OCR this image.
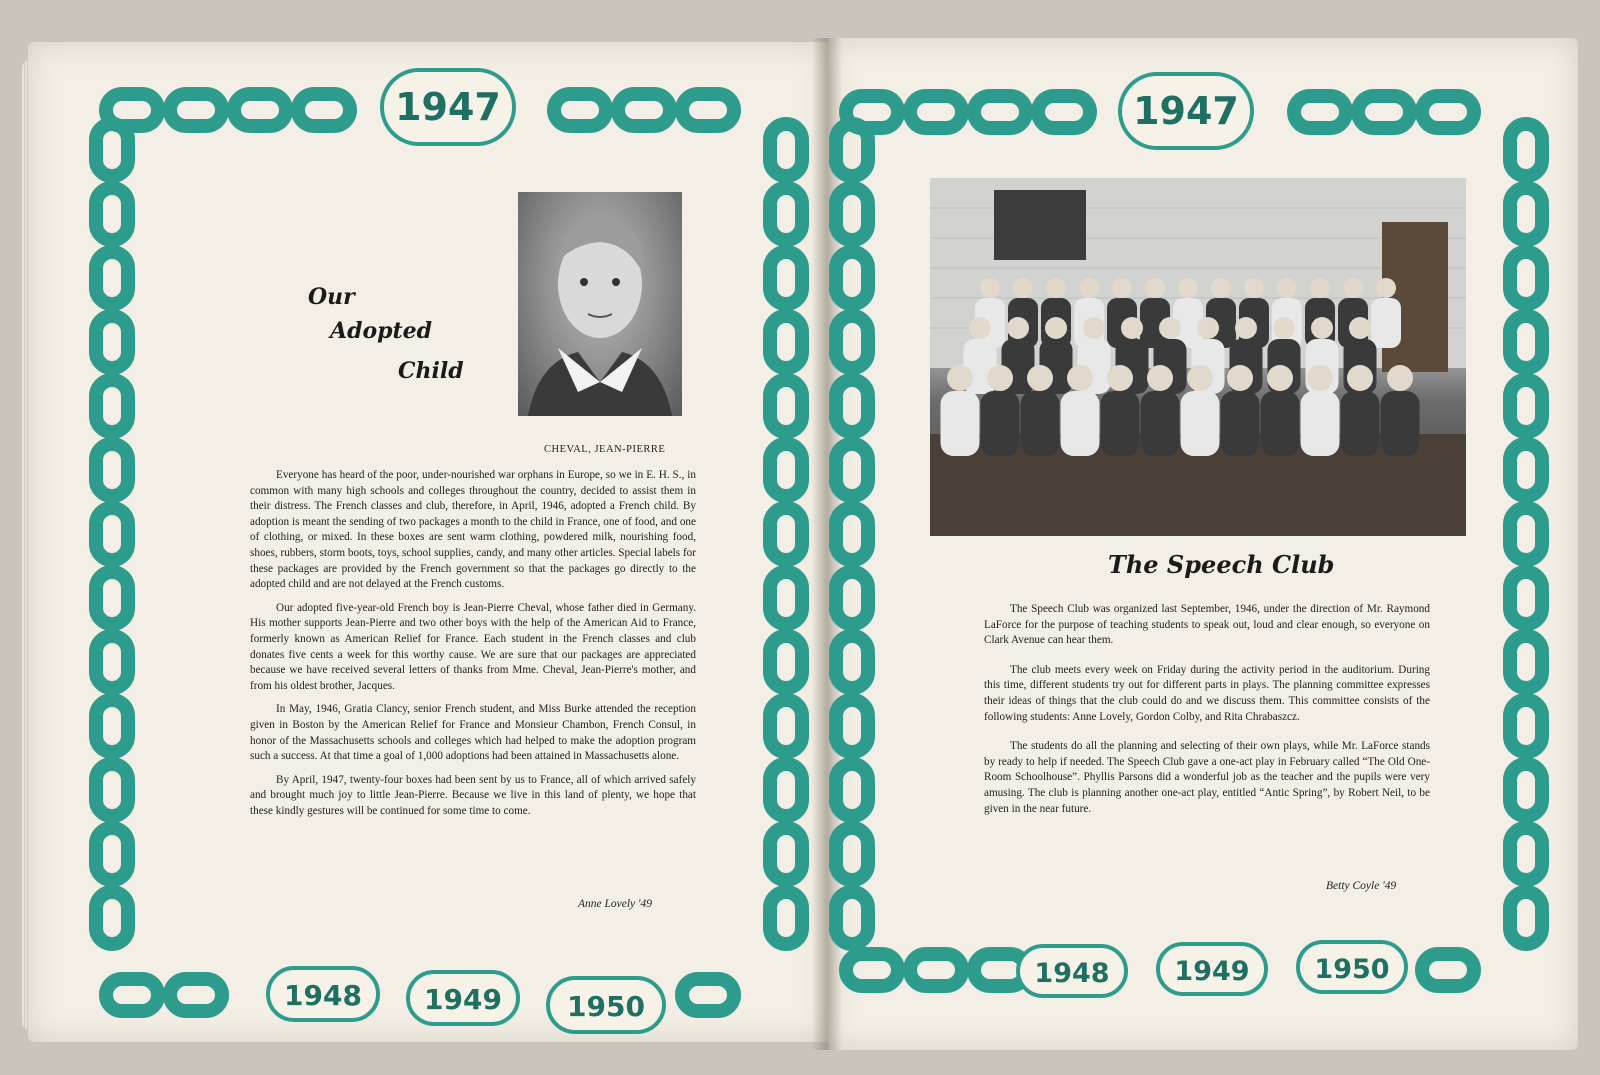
1947
1948 1949 1950
1947
1948 1949 1950
Our
Adopted
Child
CHEVAL, JEAN-PIERRE

Everyone has heard of the poor, under-nourished war orphans in Europe, so we in E. H. S., in common with many high schools and colleges throughout the country, decided to assist them in their distress. The French classes and club, therefore, in April, 1946, adopted a French child. By adoption is meant the sending of two packages a month to the child in France, one of food, and one of clothing, or mixed. In these boxes are sent warm clothing, powdered milk, nourishing food, shoes, rubbers, storm boots, toys, school supplies, candy, and many other articles. Special labels for these packages are provided by the French government so that the packages go directly to the adopted child and are not delayed at the French customs.

Our adopted five-year-old French boy is Jean-Pierre Cheval, whose father died in Germany. His mother supports Jean-Pierre and two other boys with the help of the American Aid to France, formerly known as American Relief for France. Each student in the French classes and club donates five cents a week for this worthy cause. We are sure that our packages are appreciated because we have received several letters of thanks from Mme. Cheval, Jean-Pierre's mother, and from his oldest brother, Jacques.

In May, 1946, Gratia Clancy, senior French student, and Miss Burke attended the reception given in Boston by the American Relief for France and Monsieur Chambon, French Consul, in honor of the Massachusetts schools and colleges which had helped to make the adoption program such a success. At that time a goal of 1,000 adoptions had been attained in Massachusetts alone.

By April, 1947, twenty-four boxes had been sent by us to France, all of which arrived safely and brought much joy to little Jean-Pierre. Because we live in this land of plenty, we hope that these kindly gestures will be continued for some time to come.

Anne Lovely '49
The Speech Club

The Speech Club was organized last September, 1946, under the direction of Mr. Raymond LaForce for the purpose of teaching students to speak out, loud and clear enough, so everyone on Clark Avenue can hear them.

The club meets every week on Friday during the activity period in the auditorium. During this time, different students try out for different parts in plays. The planning committee expresses their ideas of things that the club could do and we discuss them. This committee consists of the following students: Anne Lovely, Gordon Colby, and Rita Chrabaszcz.

The students do all the planning and selecting of their own plays, while Mr. LaForce stands by ready to help if needed. The Speech Club gave a one-act play in February called “The Old One-Room Schoolhouse”. Phyllis Parsons did a wonderful job as the teacher and the pupils were very amusing. The club is planning another one-act play, entitled “Antic Spring”, by Robert Neil, to be given in the near future.

Betty Coyle '49
